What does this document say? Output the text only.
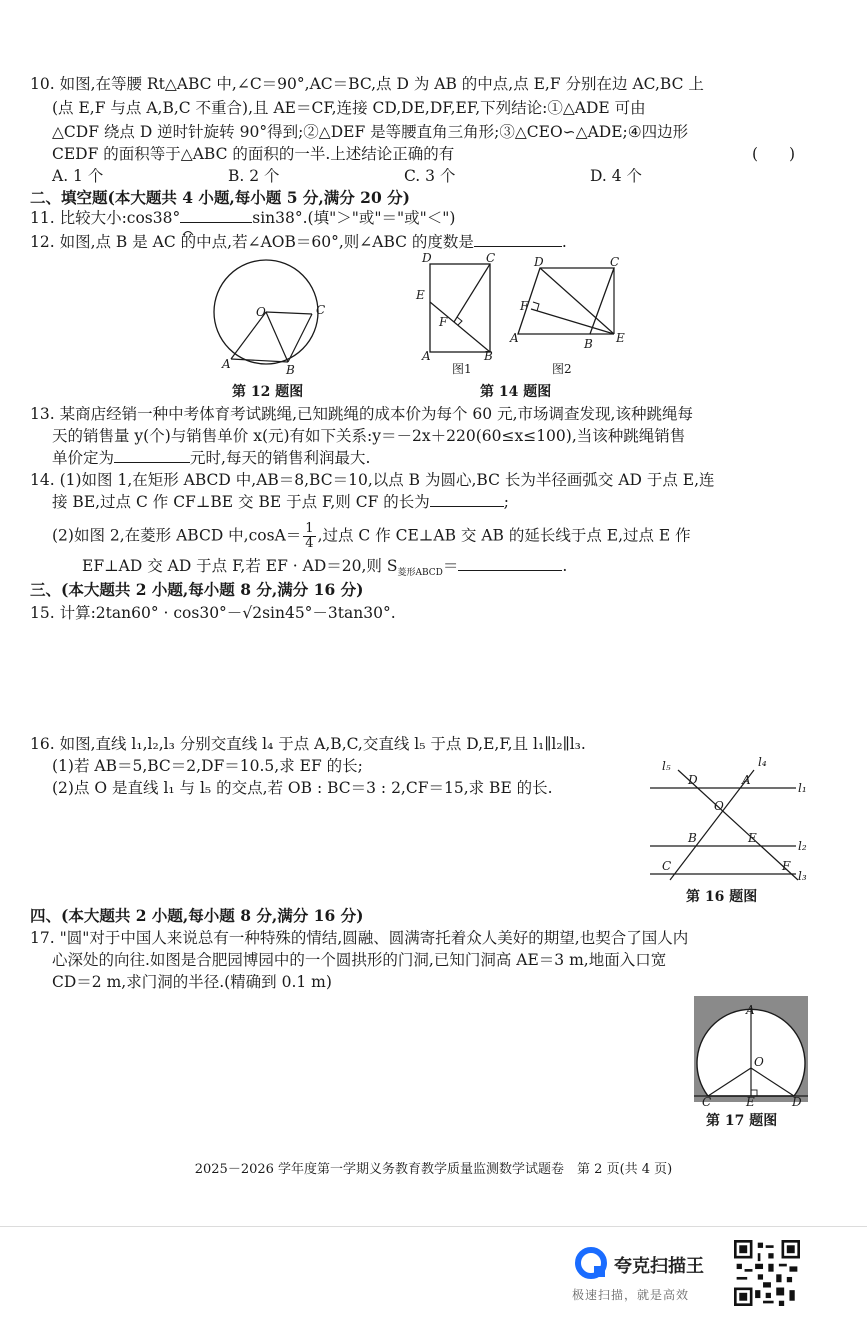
10. 如图,在等腰 Rt△ABC 中,∠C＝90°,AC＝BC,点 D 为 AB 的中点,点 E,F 分别在边 AC,BC 上
(点 E,F 与点 A,B,C 不重合),且 AE＝CF,连接 CD,DE,DF,EF,下列结论:①△ADE 可由
△CDF 绕点 D 逆时针旋转 90°得到;②△DEF 是等腰直角三角形;③△CEO∽△ADE;④四边形
CEDF 的面积等于△ABC 的面积的一半.上述结论正确的有	(　　)
A. 1 个	B. 2 个	C. 3 个	D. 4 个
二、填空题(本大题共 4 小题,每小题 5 分,满分 20 分)
11. 比较大小:cos38°	sin38°.(填"＞"或"＝"或"＜")
12. 如图,点 B 是 AC 的中点,若∠AOB＝60°,则∠ABC 的度数是	.
O	C
A	B
第 12 题图
D	C
E
F
A	B
图1
D	C
F
A	B E
图2
第 14 题图
13. 某商店经销一种中考体育考试跳绳,已知跳绳的成本价为每个 60 元,市场调查发现,该种跳绳每
天的销售量 y(个)与销售单价 x(元)有如下关系:y＝－2x＋220(60≤x≤100),当该种跳绳销售
单价定为	元时,每天的销售利润最大.
14. (1)如图 1,在矩形 ABCD 中,AB＝8,BC＝10,以点 B 为圆心,BC 长为半径画弧交 AD 于点 E,连
接 BE,过点 C 作 CF⊥BE 交 BE 于点 F,则 CF 的长为	;
(2)如图 2,在菱形 ABCD 中$,\cos A= \frac{1}{4}$ ,过点 C 作 CE⊥AB 交 AB 的延长线于点 E,过点 E 作
EF⊥AD 交 AD 于点 F,若 EF · AD＝20,则 $S_{菱形ABCD}=$	.
三、(本大题共 2 小题,每小题 8 分,满分 16 分)
15. 计算:2tan60° · cos30°－√2sin45°－3tan30°.
16. 如图,直线 l₁,l₂,l₃ 分别交直线 l₄ 于点 A,B,C,交直线 l₅ 于点 D,E,F,且 l₁∥l₂∥l₃.
(1)若 AB＝5,BC＝2,DF＝10.5,求 EF 的长;
(2)点 O 是直线 l₁ 与 l₅ 的交点,若 OB : BC＝3 : 2,CF＝15,求 BE 的长.
l₅
D
l₄
A
l₁
O
B	E
l₂
C	F
l₃
第 16 题图
四、(本大题共 2 小题,每小题 8 分,满分 16 分)
17. "圆"对于中国人来说总有一种特殊的情结,圆融、圆满寄托着众人美好的期望,也契合了国人内
心深处的向往.如图是合肥园博园中的一个圆拱形的门洞,已知门洞高 AE＝3 m,地面入口宽
CD＝2 m,求门洞的半径.(精确到 0.1 m)
A
O
C	E	D
第 17 题图
2025－2026 学年度第一学期义务教育教学质量监测数学试题卷　第 2 页(共 4 页)
夸克扫描王
极速扫描，就是高效
